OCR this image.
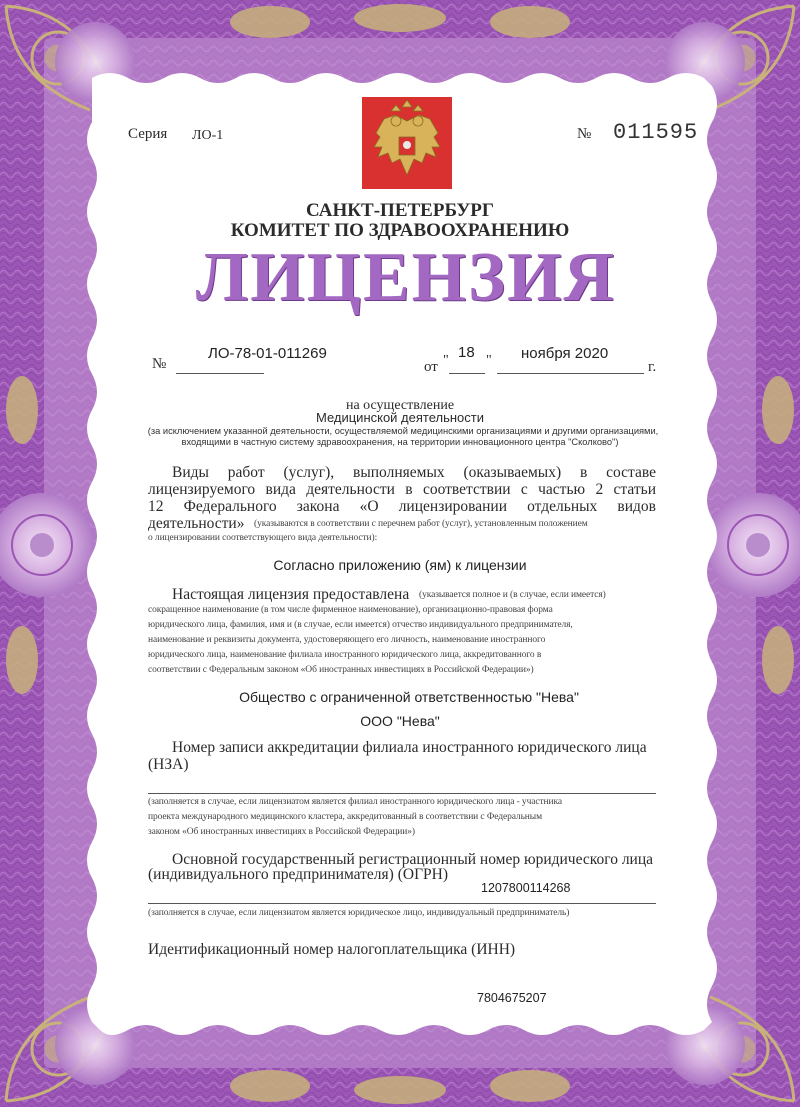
Серия ЛО-1	№ 011595
САНКТ-ПЕТЕРБУРГ
КОМИТЕТ ПО ЗДРАВООХРАНЕНИЮ
ЛИЦЕНЗИЯ
№
ЛО-78-01-011269
от " 18 " ноября 2020
г.
на осуществление
Медицинской деятельности
(за исключением указанной деятельности, осуществляемой медицинскими организациями и другими организациями,
входящими в частную систему здравоохранения, на территории инновационного центра "Сколково")
Виды работ (услуг), выполняемых (оказываемых) в составе
лицензируемого вида деятельности в соответствии с частью 2 статьи
12 Федерального закона «О лицензировании отдельных видов
деятельности» (указываются в соответствии с перечнем работ (услуг), установленным положением
о лицензировании соответствующего вида деятельности):
Согласно приложению (ям) к лицензии
Настоящая лицензия предоставлена (указывается полное и (в случае, если имеется)
сокращенное наименование (в том числе фирменное наименование), организационно-правовая форма
юридического лица, фамилия, имя и (в случае, если имеется) отчество индивидуального предпринимателя,
наименование и реквизиты документа, удостоверяющего его личность, наименование иностранного
юридического лица, наименование филиала иностранного юридического лица, аккредитованного в
соответствии с Федеральным законом «Об иностранных инвестициях в Российской Федерации»)
Общество с ограниченной ответственностью "Нева"
ООО "Нева"
Номер записи аккредитации филиала иностранного юридического лица
(НЗА)
(заполняется в случае, если лицензиатом является филиал иностранного юридического лица - участника
проекта международного медицинского кластера, аккредитованный в соответствии с Федеральным
законом «Об иностранных инвестициях в Российской Федерации»)
Основной государственный регистрационный номер юридического лица
(индивидуального предпринимателя) (ОГРН)
1207800114268
(заполняется в случае, если лицензиатом является юридическое лицо, индивидуальный предприниматель)
Идентификационный номер налогоплательщика (ИНН)
7804675207
